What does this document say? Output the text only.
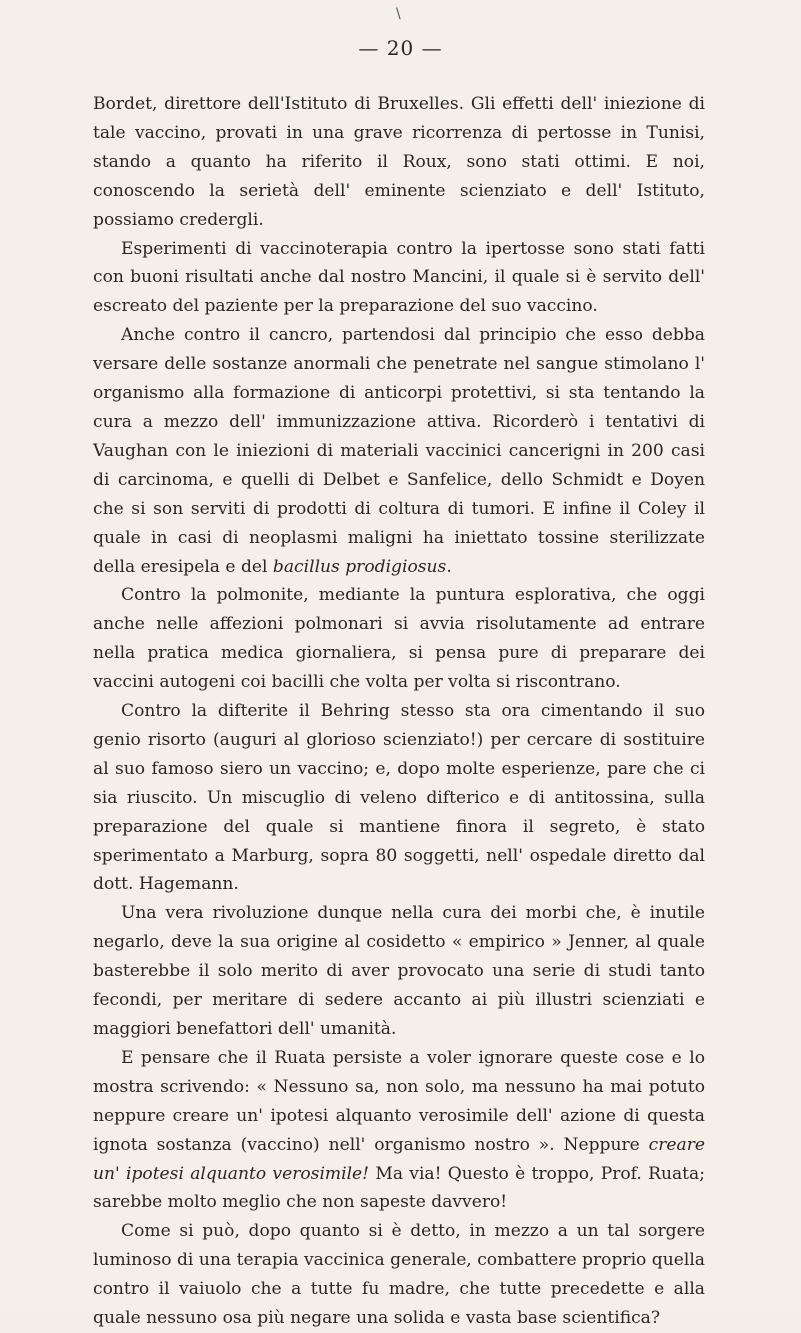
\
— 20 —

Bordet, direttore dell'Istituto di Bruxelles. Gli effetti dell' iniezione di tale vaccino, provati in una grave ricorrenza di pertosse in Tunisi, stando a quanto ha riferito il Roux, sono stati ottimi. E noi, conoscendo la serietà dell' eminente scienziato e dell' Istituto, possiamo credergli.

Esperimenti di vaccinoterapia contro la ipertosse sono stati fatti con buoni risultati anche dal nostro Mancini, il quale si è servito dell' escreato del paziente per la preparazione del suo vaccino.

Anche contro il cancro, partendosi dal principio che esso debba versare delle sostanze anormali che penetrate nel sangue stimolano l' organismo alla formazione di anticorpi protettivi, si sta tentando la cura a mezzo dell' immunizzazione attiva. Ricorderò i tentativi di Vaughan con le iniezioni di materiali vaccinici cancerigni in 200 casi di carcinoma, e quelli di Delbet e Sanfelice, dello Schmidt e Doyen che si son serviti di prodotti di coltura di tumori. E infine il Coley il quale in casi di neoplasmi maligni ha iniettato tossine sterilizzate della eresipela e del bacillus prodigiosus.

Contro la polmonite, mediante la puntura esplorativa, che oggi anche nelle affezioni polmonari si avvia risolutamente ad entrare nella pratica medica giornaliera, si pensa pure di preparare dei vaccini autogeni coi bacilli che volta per volta si riscontrano.

Contro la difterite il Behring stesso sta ora cimentando il suo genio risorto (auguri al glorioso scienziato!) per cercare di sostituire al suo famoso siero un vaccino; e, dopo molte esperienze, pare che ci sia riuscito. Un miscuglio di veleno difterico e di antitossina, sulla preparazione del quale si mantiene finora il segreto, è stato sperimentato a Marburg, sopra 80 soggetti, nell' ospedale diretto dal dott. Hagemann.

Una vera rivoluzione dunque nella cura dei morbi che, è inutile negarlo, deve la sua origine al cosidetto « empirico » Jenner, al quale basterebbe il solo merito di aver provocato una serie di studi tanto fecondi, per meritare di sedere accanto ai più illustri scienziati e maggiori benefattori dell' umanità.

E pensare che il Ruata persiste a voler ignorare queste cose e lo mostra scrivendo: « Nessuno sa, non solo, ma nessuno ha mai potuto neppure creare un' ipotesi alquanto verosimile dell' azione di questa ignota sostanza (vaccino) nell' organismo nostro ». Neppure creare un' ipotesi alquanto verosimile! Ma via! Questo è troppo, Prof. Ruata; sarebbe molto meglio che non sapeste davvero!

Come si può, dopo quanto si è detto, in mezzo a un tal sorgere luminoso di una terapia vaccinica generale, combattere proprio quella contro il vaiuolo che a tutte fu madre, che tutte precedette e alla quale nessuno osa più negare una solida e vasta base scientifica?
